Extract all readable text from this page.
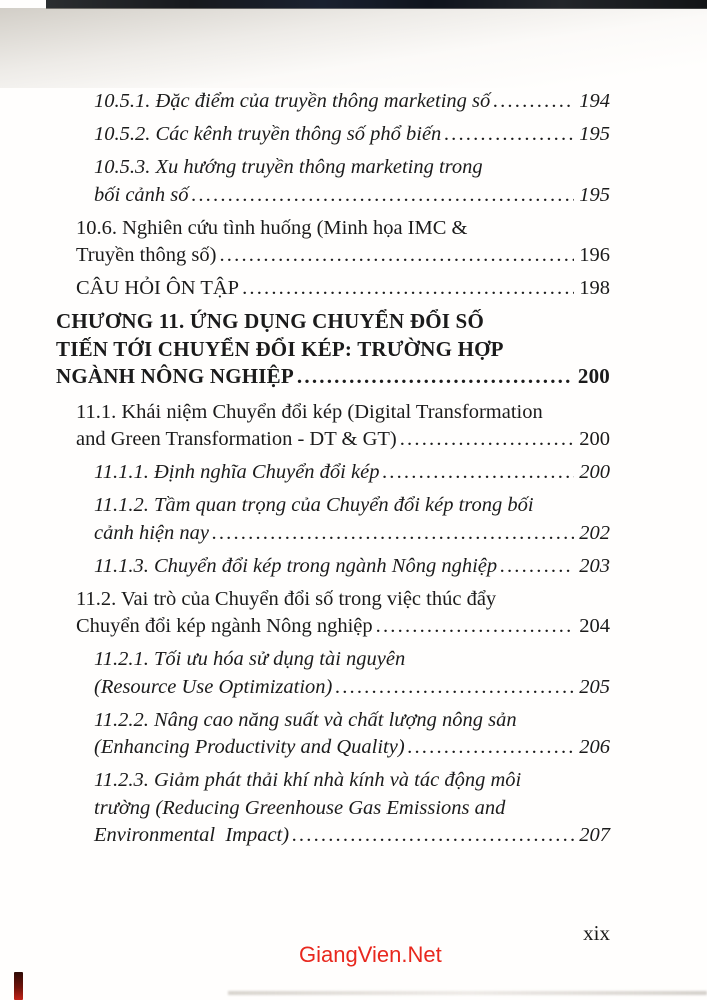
10.5.1. Đặc điểm của truyền thông marketing số .....	194
10.5.2. Các kênh truyền thông số phổ biến .....	195
10.5.3. Xu hướng truyền thông marketing trong
bối cảnh số .....	195
10.6. Nghiên cứu tình huống (Minh họa IMC &
Truyền thông số) .....	196
CÂU HỎI ÔN TẬP .....	198
CHƯƠNG 11. ỨNG DỤNG CHUYỂN ĐỔI SỐ
TIẾN TỚI CHUYỂN ĐỔI KÉP: TRƯỜNG HỢP
NGÀNH NÔNG NGHIỆP .....	200
11.1. Khái niệm Chuyển đổi kép (Digital Transformation
and Green Transformation - DT & GT) .....	200
11.1.1. Định nghĩa Chuyển đổi kép .....	200
11.1.2. Tầm quan trọng của Chuyển đổi kép trong bối
cảnh hiện nay .....	202
11.1.3. Chuyển đổi kép trong ngành Nông nghiệp .....	203
11.2. Vai trò của Chuyển đổi số trong việc thúc đẩy
Chuyển đổi kép ngành Nông nghiệp .....	204
11.2.1. Tối ưu hóa sử dụng tài nguyên
(Resource Use Optimization) .....	205
11.2.2. Nâng cao năng suất và chất lượng nông sản
(Enhancing Productivity and Quality) .....	206
11.2.3. Giảm phát thải khí nhà kính và tác động môi
trường (Reducing Greenhouse Gas Emissions and
Environmental  Impact) .....	207
GiangVien.Net
xix
